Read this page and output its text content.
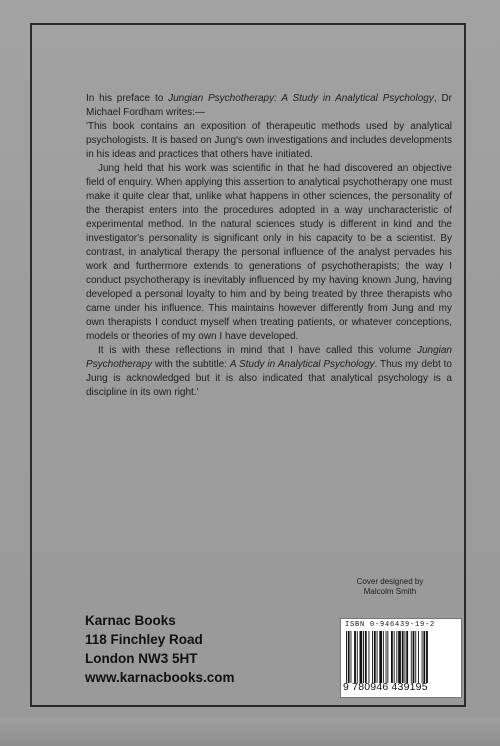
In his preface to Jungian Psychotherapy: A Study in Analytical Psychology, Dr Michael Fordham writes:—

'This book contains an exposition of therapeutic methods used by analytical psychologists. It is based on Jung's own investigations and includes developments in his ideas and practices that others have initiated.

Jung held that his work was scientific in that he had discovered an objective field of enquiry. When applying this assertion to analytical psychotherapy one must make it quite clear that, unlike what happens in other sciences, the personality of the therapist enters into the procedures adopted in a way uncharacteristic of experimental method. In the natural sciences study is different in kind and the investigator's personality is significant only in his capacity to be a scientist. By contrast, in analytical therapy the personal influence of the analyst pervades his work and furthermore extends to generations of psychotherapists; the way I conduct psychotherapy is inevitably influenced by my having known Jung, having developed a personal loyalty to him and by being treated by three therapists who came under his influence. This maintains however differently from Jung and my own therapists I conduct myself when treating patients, or whatever conceptions, models or theories of my own I have developed.

It is with these reflections in mind that I have called this volume Jungian Psychotherapy with the subtitle: A Study in Analytical Psychology. Thus my debt to Jung is acknowledged but it is also indicated that analytical psychology is a discipline in its own right.'

Cover designed by
Malcolm Smith
Karnac Books
118 Finchley Road
London NW3 5HT
www.karnacbooks.com
ISBN 0-946439-19-2
9 780946 439195
